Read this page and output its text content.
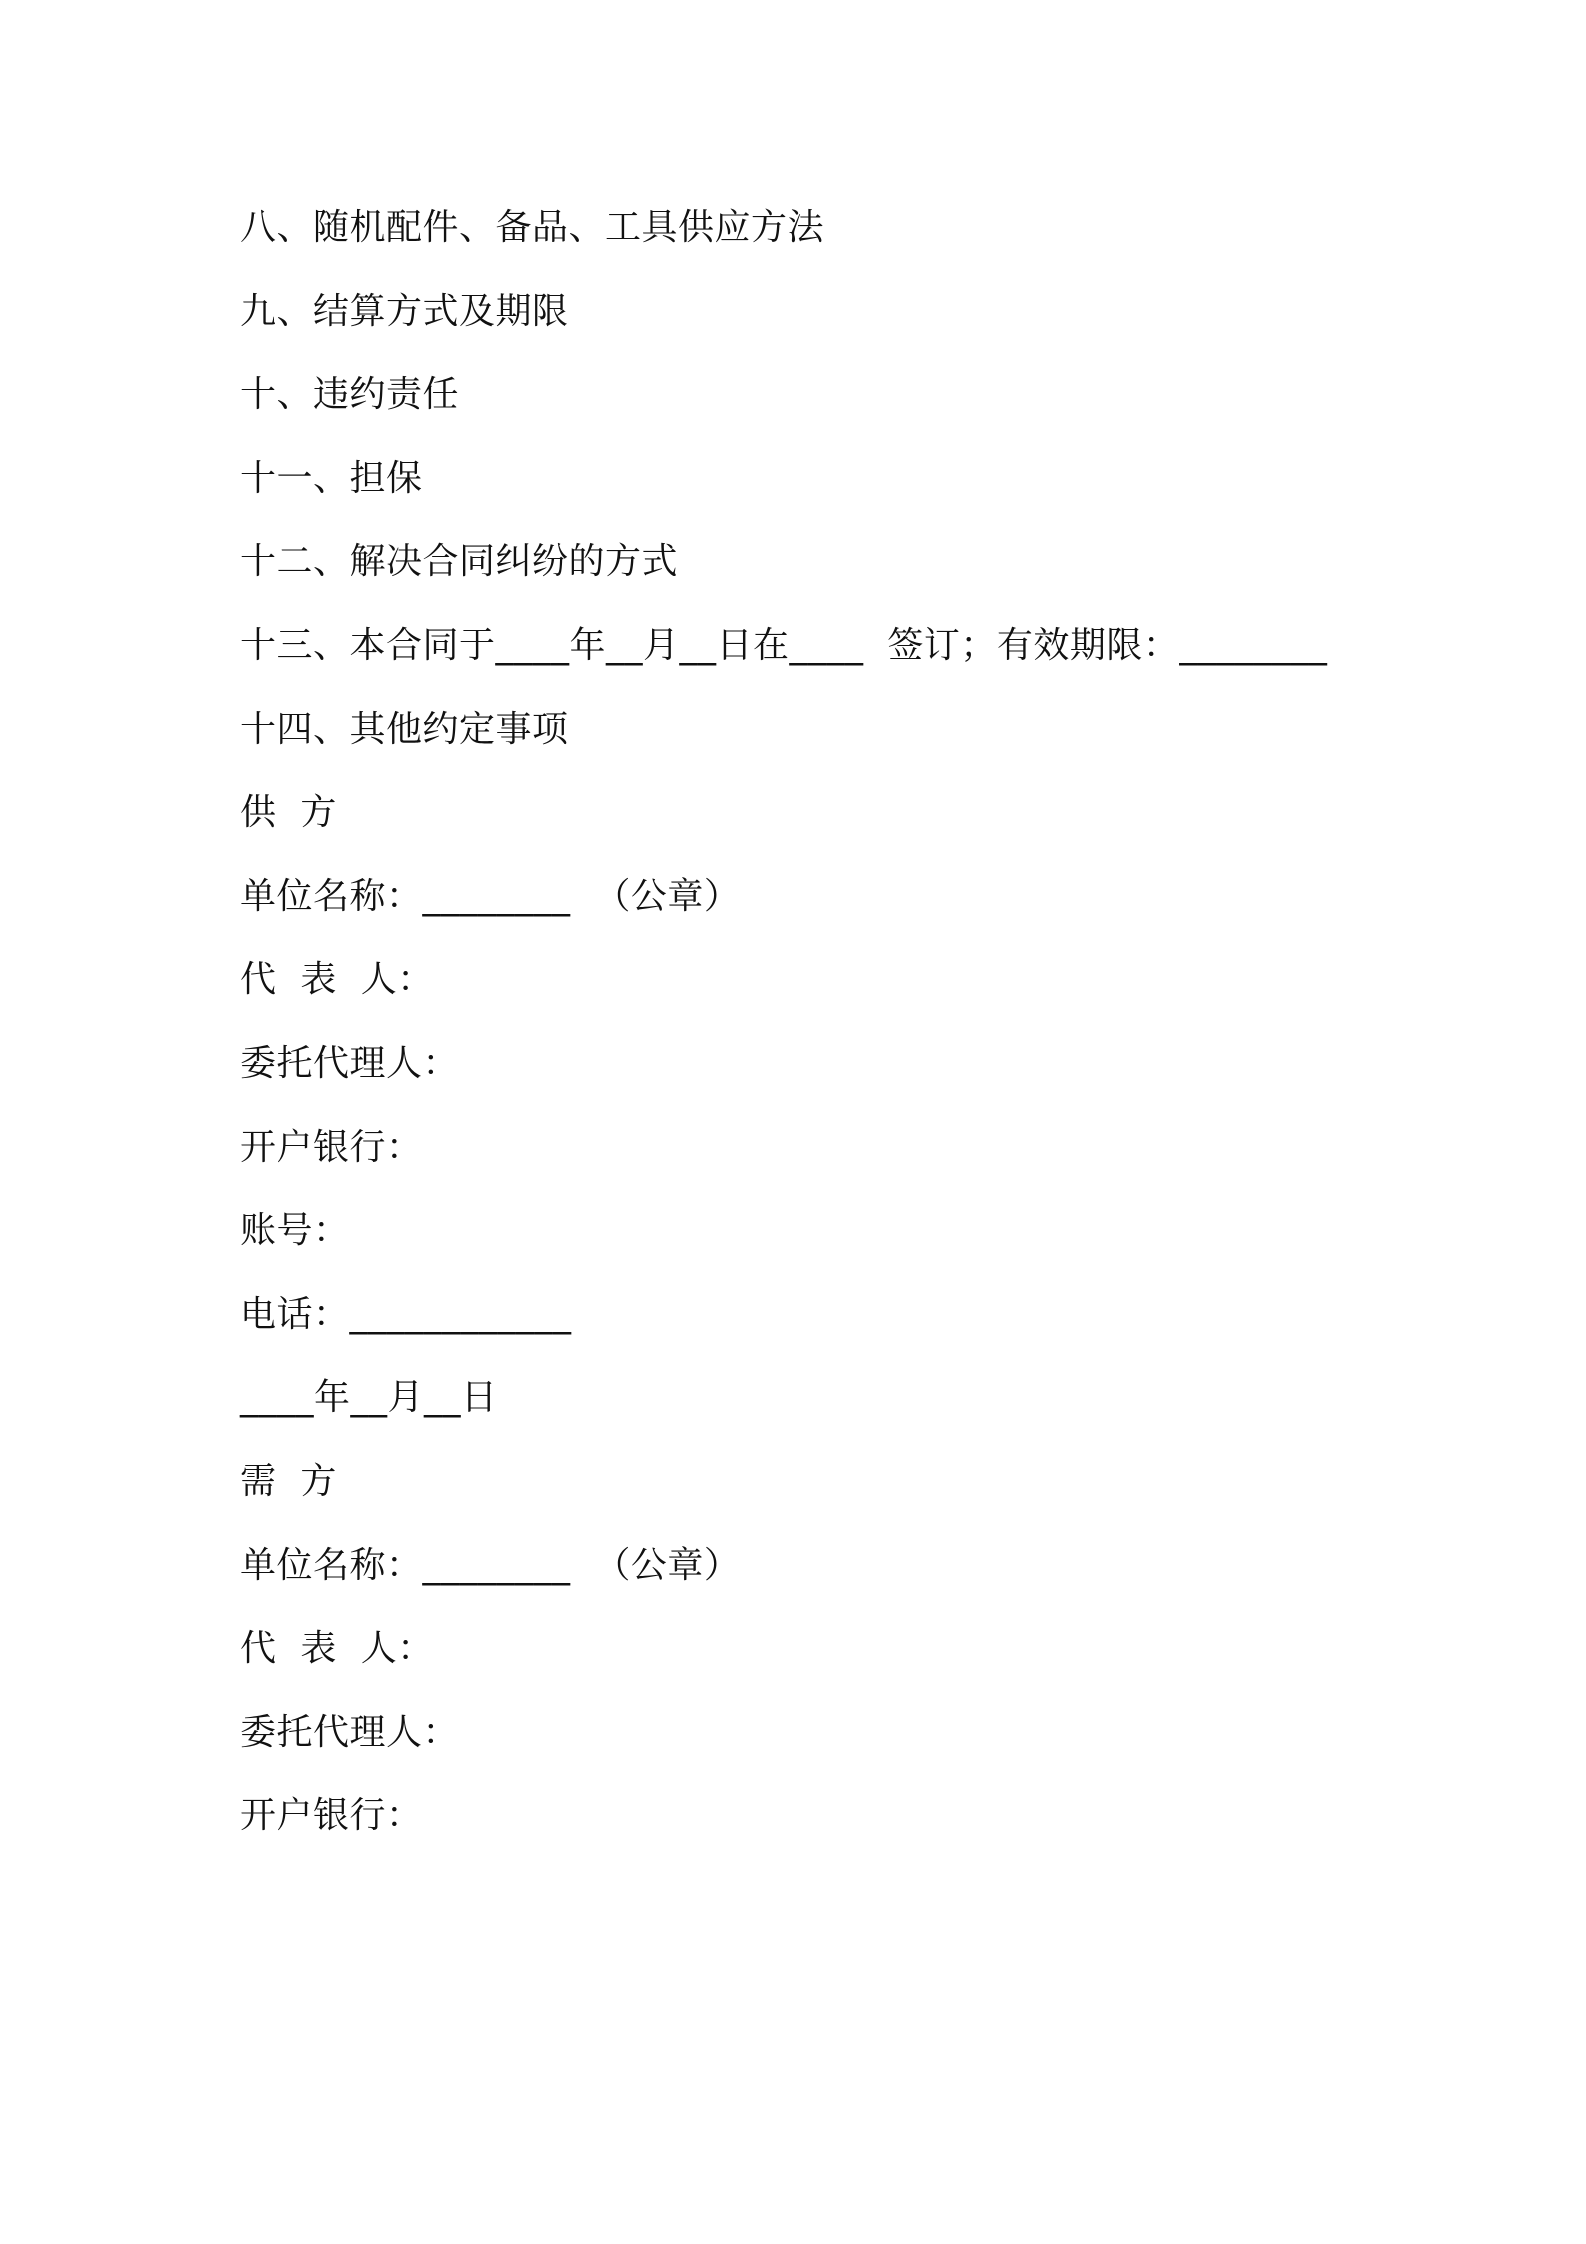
八、随机配件、备品、工具供应方法
九、结算方式及期限
十、违约责任
十一、担保
十二、解决合同纠纷的方式
十三、本合同于____年__月__日在____  签订；有效期限：________
十四、其他约定事项
供  方
单位名称：________  （公章）
代  表  人：
委托代理人：
开户银行：
账号：
电话：____________
____年__月__日
需  方
单位名称：________  （公章）
代  表  人：
委托代理人：
开户银行：
